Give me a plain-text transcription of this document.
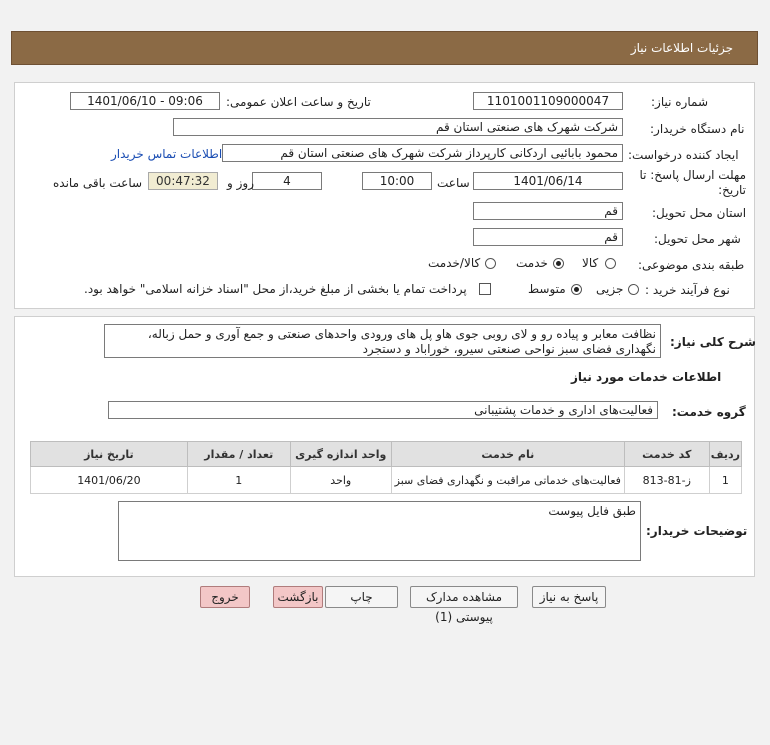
جزئیات اطلاعات نیاز
شماره نیاز:
1101001109000047
تاریخ و ساعت اعلان عمومی:
1401/06/10 - 09:06
نام دستگاه خریدار:
شرکت شهرک های صنعتی استان قم
ایجاد کننده درخواست:
محمود بابائیی اردکانی کارپرداز شرکت شهرک های صنعتی استان قم
اطلاعات تماس خریدار
مهلت ارسال پاسخ: تا تاریخ:
1401/06/14
ساعت
10:00
4
روز و
00:47:32
ساعت باقی مانده
استان محل تحویل:
قم
شهر محل تحویل:
قم
طبقه بندی موضوعی:
کالا
خدمت
کالا/خدمت
نوع فرآیند خرید :
جزیی
متوسط
پرداخت تمام یا بخشی از مبلغ خرید،از محل "اسناد خزانه اسلامی" خواهد بود.
شرح کلی نیاز:
نظافت معابر و پیاده رو و لای روبی جوی هاو پل های ورودی واحدهای صنعتی و جمع آوری و حمل زباله، نگهداری فضای سبز نواحی صنعتی سیرو، خوراباد و دستجرد
اطلاعات خدمات مورد نیاز
گروه خدمت:
فعالیت‌های اداری و خدمات پشتیبانی
ردیف	کد خدمت	نام خدمت	واحد اندازه گیری	تعداد / مقدار	تاریخ نیاز
1	ز-81-813	فعالیت‌های خدماتی مراقبت و نگهداری فضای سبز	واحد	1	1401/06/20
توضیحات خریدار:
طبق فایل پیوست
پاسخ به نیاز
مشاهده مدارک پیوستی (1)
چاپ
بازگشت
خروج
